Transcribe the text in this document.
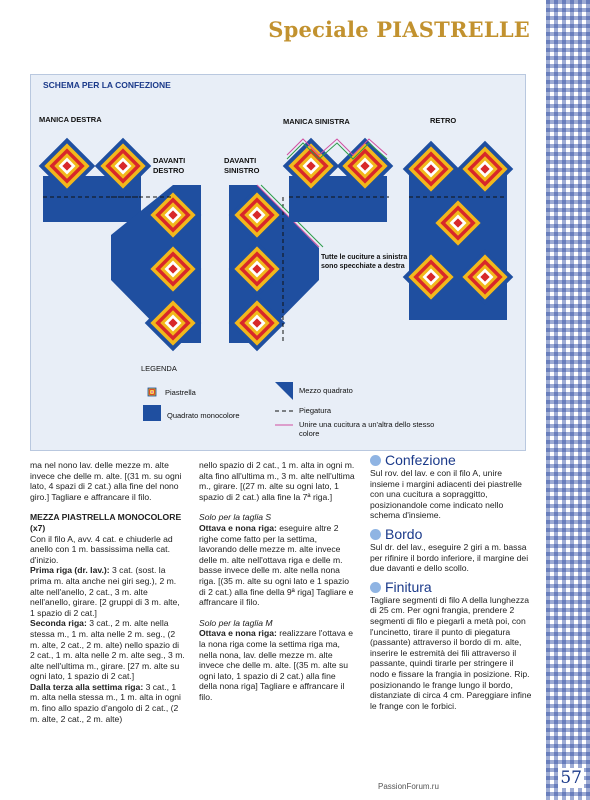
Speciale PIASTRELLE
SCHEMA PER LA CONFEZIONE
MANICA DESTRA
DAVANTI
DESTRO
DAVANTI
SINISTRO
MANICA SINISTRA	RETRO
Tutte le cuciture a sinistra sono specchiate a destra
LEGENDA
Piastrella
Quadrato monocolore
Mezzo quadrato
Piegatura
Unire una cucitura a un'altra dello stesso colore

ma nel nono lav. delle mezze m. alte invece che delle m. alte. [(31 m. su ogni lato, 4 spazi di 2 cat.) alla fine del nono giro.] Tagliare e affrancare il filo.

MEZZA PIASTRELLA MONOCOLORE (x7)

Con il filo A, avv. 4 cat. e chiuderle ad anello con 1 m. bassissima nella cat. d'inizio.

Prima riga (dr. lav.): 3 cat. (sost. la prima m. alta anche nei giri seg.), 2 m. alte nell'anello, 2 cat., 3 m. alte nell'anello, girare. [2 gruppi di 3 m. alte, 1 spazio di 2 cat.]

Seconda riga: 3 cat., 2 m. alte nella stessa m., 1 m. alta nelle 2 m. seg., (2 m. alte, 2 cat., 2 m. alte) nello spazio di 2 cat., 1 m. alta nelle 2 m. alte seg., 3 m. alte nell'ultima m., girare. [27 m. alte su ogni lato, 1 spazio di 2 cat.]

Dalla terza alla settima riga: 3 cat., 1 m. alta nella stessa m., 1 m. alta in ogni m. fino allo spazio d'angolo di 2 cat., (2 m. alte, 2 cat., 2 m. alte)

nello spazio di 2 cat., 1 m. alta in ogni m. alta fino all'ultima m., 3 m. alte nell'ultima m., girare. [(27 m. alte su ogni lato, 1 spazio di 2 cat.) alla fine la 7ª riga.]

Solo per la taglia S

Ottava e nona riga: eseguire altre 2 righe come fatto per la settima, lavorando delle mezze m. alte invece delle m. alte nell'ottava riga e delle m. basse invece delle m. alte nella nona riga. [(35 m. alte su ogni lato e 1 spazio di 2 cat.) alla fine della 9ª riga] Tagliare e affrancare il filo.

Solo per la taglia M

Ottava e nona riga: realizzare l'ottava e la nona riga come la settima riga ma, nella nona, lav. delle mezze m. alte invece che delle m. alte. [(35 m. alte su ogni lato, 1 spazio di 2 cat.) alla fine della nona riga] Tagliare e affrancare il filo.

Confezione

Sul rov. del lav. e con il filo A, unire insieme i margini adiacenti dei piastrelle con una cucitura a sopraggitto, posizionandole come indicato nello schema d'insieme.

Bordo

Sul dr. del lav., eseguire 2 giri a m. bassa per rifinire il bordo inferiore, il margine dei due davanti e dello scollo.

Finitura

Tagliare segmenti di filo A della lunghezza di 25 cm. Per ogni frangia, prendere 2 segmenti di filo e piegarli a metà poi, con l'uncinetto, tirare il punto di piegatura (passante) attraverso il bordo di m. alte, inserire le estremità dei fili attraverso il passante, quindi tirarle per stringere il nodo e fissare la frangia in posizione. Rip. posizionando le frange lungo il bordo, distanziate di circa 4 cm. Pareggiare infine le frange con le forbici.

PassionForum.ru	57
